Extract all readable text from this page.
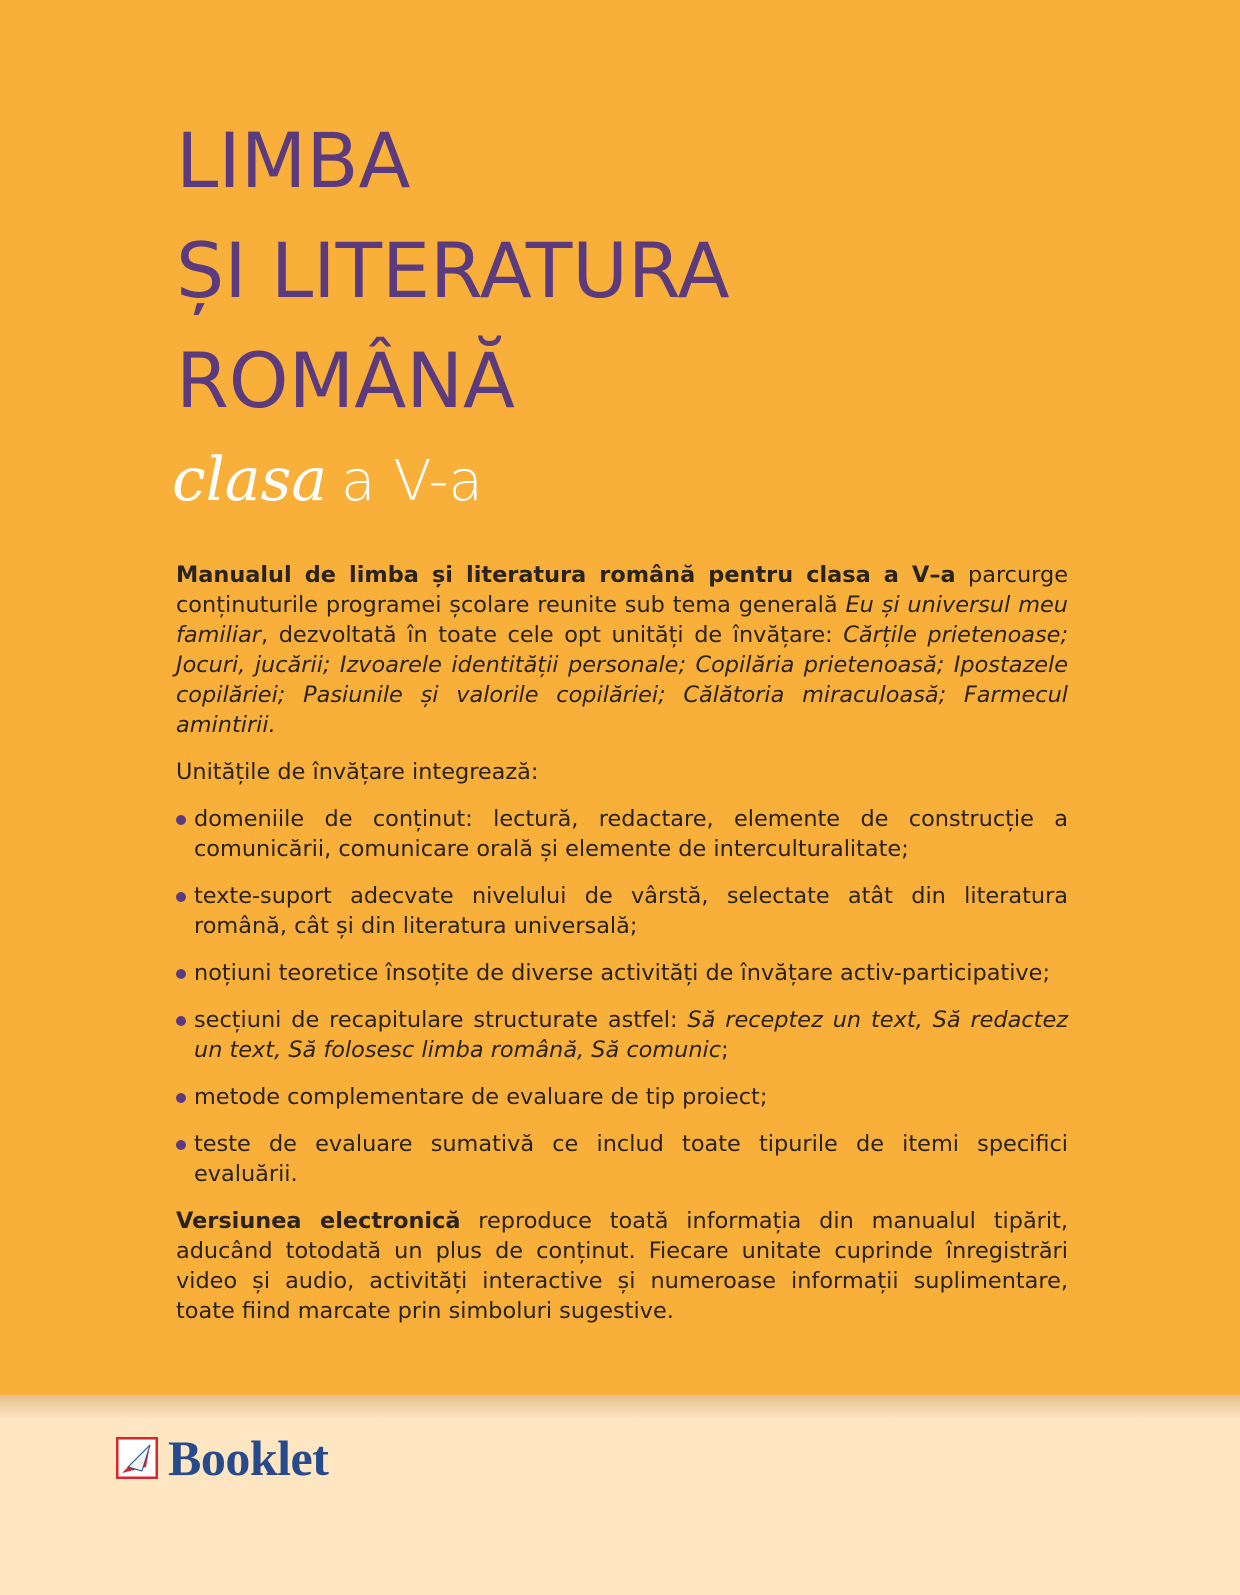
LIMBA
ȘI LITERATURA
ROMÂNĂ
clasa a V-a

Manualul de limba și literatura română pentru clasa a V–a parcurge conținuturile programei școlare reunite sub tema generală Eu și universul meu familiar, dezvoltată în toate cele opt unități de învățare: Cărțile prietenoase; Jocuri, jucării; Izvoarele identității personale; Copilăria prietenoasă; Ipostazele copilăriei; Pasiunile și valorile copilăriei; Călătoria miraculoasă; Farmecul amintirii.

Unitățile de învățare integrează:

domeniile de conținut: lectură, redactare, elemente de construcție a comunicării, comunicare orală și elemente de interculturalitate;
texte-suport adecvate nivelului de vârstă, selectate atât din literatura română, cât și din literatura universală;
noțiuni teoretice însoțite de diverse activități de învățare activ-participative;
secțiuni de recapitulare structurate astfel: Să receptez un text, Să redactez un text, Să folosesc limba română, Să comunic;
metode complementare de evaluare de tip proiect;
teste de evaluare sumativă ce includ toate tipurile de itemi specifici evaluării.

Versiunea electronică reproduce toată informația din manualul tipărit, aducând totodată un plus de conținut. Fiecare unitate cuprinde înregistrări video și audio, activități interactive și numeroase informații suplimentare, toate fiind marcate prin simboluri sugestive.

Booklet
